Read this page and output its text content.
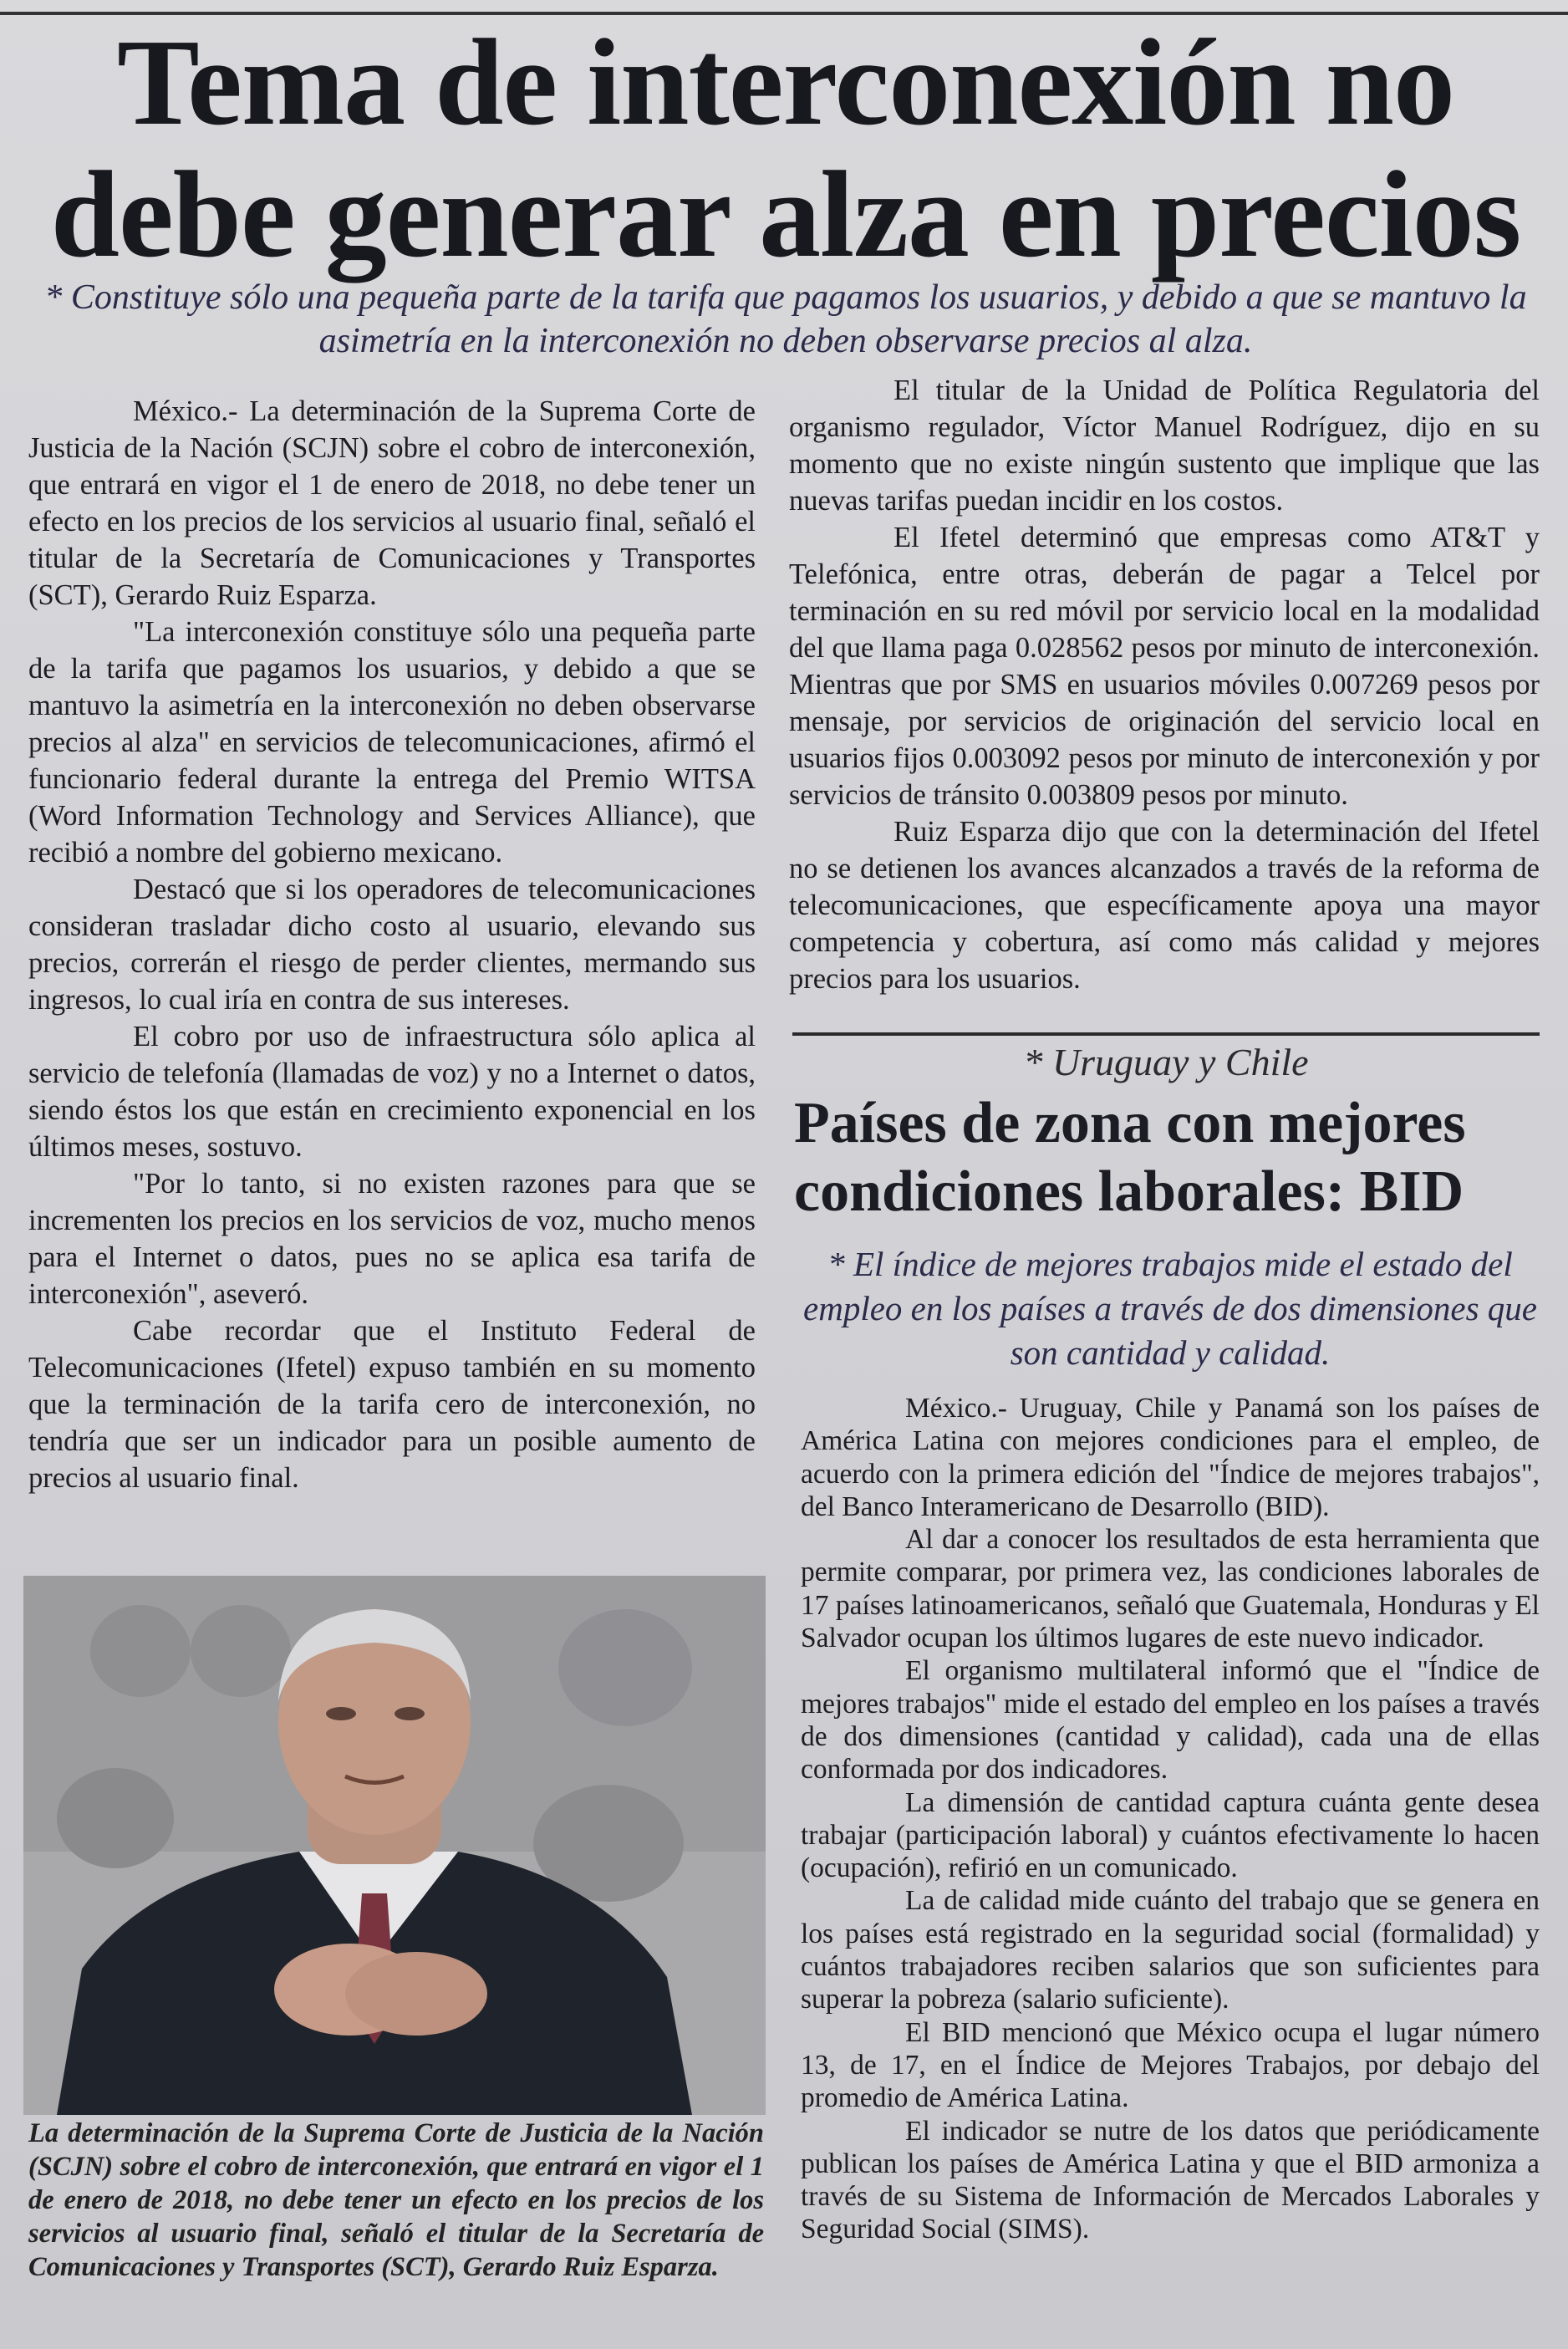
Tema de interconexión no debe generar alza en precios

* Constituye sólo una pequeña parte de la tarifa que pagamos los usuarios, y debido a que se mantuvo la asimetría en la interconexión no deben observarse precios al alza.

México.- La determinación de la Suprema Corte de Justicia de la Nación (SCJN) sobre el cobro de interconexión, que entrará en vigor el 1 de enero de 2018, no debe tener un efecto en los precios de los servicios al usuario final, señaló el titular de la Secretaría de Comunicaciones y Transportes (SCT), Gerardo Ruiz Esparza.

"La interconexión constituye sólo una pequeña parte de la tarifa que pagamos los usuarios, y debido a que se mantuvo la asimetría en la interconexión no deben observarse precios al alza" en servicios de telecomunicaciones, afirmó el funcionario federal durante la entrega del Premio WITSA (Word Information Technology and Services Alliance), que recibió a nombre del gobierno mexicano.

Destacó que si los operadores de telecomunicaciones consideran trasladar dicho costo al usuario, elevando sus precios, correrán el riesgo de perder clientes, mermando sus ingresos, lo cual iría en contra de sus intereses.

El cobro por uso de infraestructura sólo aplica al servicio de telefonía (llamadas de voz) y no a Internet o datos, siendo éstos los que están en crecimiento exponencial en los últimos meses, sostuvo.

"Por lo tanto, si no existen razones para que se incrementen los precios en los servicios de voz, mucho menos para el Internet o datos, pues no se aplica esa tarifa de interconexión", aseveró.

Cabe recordar que el Instituto Federal de Telecomunicaciones (Ifetel) expuso también en su momento que la terminación de la tarifa cero de interconexión, no tendría que ser un indicador para un posible aumento de precios al usuario final.

El titular de la Unidad de Política Regulatoria del organismo regulador, Víctor Manuel Rodríguez, dijo en su momento que no existe ningún sustento que implique que las nuevas tarifas puedan incidir en los costos.

El Ifetel determinó que empresas como AT&T y Telefónica, entre otras, deberán de pagar a Telcel por terminación en su red móvil por servicio local en la modalidad del que llama paga 0.028562 pesos por minuto de interconexión. Mientras que por SMS en usuarios móviles 0.007269 pesos por mensaje, por servicios de originación del servicio local en usuarios fijos 0.003092 pesos por minuto de interconexión y por servicios de tránsito 0.003809 pesos por minuto.

Ruiz Esparza dijo que con la determinación del Ifetel no se detienen los avances alcanzados a través de la reforma de telecomunicaciones, que específicamente apoya una mayor competencia y cobertura, así como más calidad y mejores precios para los usuarios.

* Uruguay y Chile

Países de zona con mejores condiciones laborales: BID

* El índice de mejores trabajos mide el estado del empleo en los países a través de dos dimensiones que son cantidad y calidad.

México.- Uruguay, Chile y Panamá son los países de América Latina con mejores condiciones para el empleo, de acuerdo con la primera edición del "Índice de mejores trabajos", del Banco Interamericano de Desarrollo (BID).

Al dar a conocer los resultados de esta herramienta que permite comparar, por primera vez, las condiciones laborales de 17 países latinoamericanos, señaló que Guatemala, Honduras y El Salvador ocupan los últimos lugares de este nuevo indicador.

El organismo multilateral informó que el "Índice de mejores trabajos" mide el estado del empleo en los países a través de dos dimensiones (cantidad y calidad), cada una de ellas conformada por dos indicadores.

La dimensión de cantidad captura cuánta gente desea trabajar (participación laboral) y cuántos efectivamente lo hacen (ocupación), refirió en un comunicado.

La de calidad mide cuánto del trabajo que se genera en los países está registrado en la seguridad social (formalidad) y cuántos trabajadores reciben salarios que son suficientes para superar la pobreza (salario suficiente).

El BID mencionó que México ocupa el lugar número 13, de 17, en el Índice de Mejores Trabajos, por debajo del promedio de América Latina.

El indicador se nutre de los datos que periódicamente publican los países de América Latina y que el BID armoniza a través de su Sistema de Información de Mercados Laborales y Seguridad Social (SIMS).

La determinación de la Suprema Corte de Justicia de la Nación (SCJN) sobre el cobro de interconexión, que entrará en vigor el 1 de enero de 2018, no debe tener un efecto en los precios de los servicios al usuario final, señaló el titular de la Secretaría de Comunicaciones y Transportes (SCT), Gerardo Ruiz Esparza.
